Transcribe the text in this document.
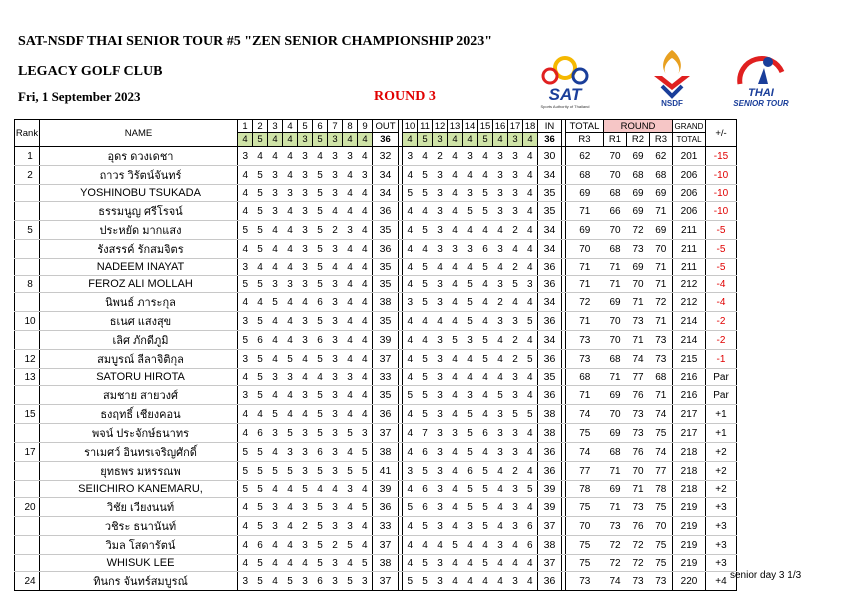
SAT-NSDF THAI SENIOR TOUR #5 "ZEN SENIOR CHAMPIONSHIP 2023"
LEGACY GOLF CLUB
Fri, 1 September 2023	ROUND 3	SAT
Sports Authority of Thailand	NSDF
THAI
SENIOR TOUR
Rank	NAME	1	2	3	4	5	6	7	8	9	OUT		10	11	12	13	14	15	16	17	18	IN		TOTAL	ROUND			GRAND	+/-
		4	5	4	4	3	5	3	4	4	36		4	5	3	4	4	5	4	3	4	36		R3	R1	R2	R3	TOTAL	
1	อุดร ดวงเดชา	3	4	4	4	3	4	3	3	4	32		3	4	2	4	3	4	3	3	4	30		62	70	69	62	201	-15
2	ถาวร วิรัตน์จันทร์	4	5	3	4	3	5	3	4	3	34		4	5	3	4	4	4	3	3	4	34		68	70	68	68	206	-10
	YOSHINOBU TSUKADA	4	5	3	3	3	5	3	4	4	34		5	5	3	4	3	5	3	3	4	35		69	68	69	69	206	-10
	ธรรมนูญ ศรีโรจน์	4	5	3	4	3	5	4	4	4	36		4	4	3	4	5	5	3	3	4	35		71	66	69	71	206	-10
5	ประหยัด มากแสง	5	5	4	4	3	5	2	3	4	35		4	5	3	4	4	4	4	2	4	34		69	70	72	69	211	-5
	รังสรรค์ รักสมจิตร	4	5	4	4	3	5	3	4	4	36		4	4	3	3	3	6	3	4	4	34		70	68	73	70	211	-5
	NADEEM INAYAT	3	4	4	4	3	5	4	4	4	35		4	5	4	4	4	5	4	2	4	36		71	71	69	71	211	-5
8	FEROZ ALI MOLLAH	5	5	3	3	3	5	3	4	4	35		4	5	3	4	5	4	3	5	3	36		71	71	70	71	212	-4
	นิพนธ์ ภาระกุล	4	4	5	4	4	6	3	4	4	38		3	5	3	4	5	4	2	4	4	34		72	69	71	72	212	-4
10	ธเนศ แสงสุข	3	5	4	4	3	5	3	4	4	35		4	4	4	4	5	4	3	3	5	36		71	70	73	71	214	-2
	เลิศ ภักดีภูมิ	5	6	4	4	3	6	3	4	4	39		4	4	3	5	3	5	4	2	4	34		73	70	71	73	214	-2
12	สมบูรณ์ ลีลาจิติกุล	3	5	4	5	4	5	3	4	4	37		4	5	3	4	4	5	4	2	5	36		73	68	74	73	215	-1
13	SATORU HIROTA	4	5	3	3	4	4	3	3	4	33		4	5	3	4	4	4	4	3	4	35		68	71	77	68	216	Par
	สมชาย สายวงศ์	3	5	4	4	3	5	3	4	4	35		5	5	3	4	3	4	5	3	4	36		71	69	76	71	216	Par
15	ธงฤทธิ์ เชียงคอน	4	4	5	4	4	5	3	4	4	36		4	5	3	4	5	4	3	5	5	38		74	70	73	74	217	+1
	พจน์ ประจักษ์ธนาทร	4	6	3	5	3	5	3	5	3	37		4	7	3	3	5	6	3	3	4	38		75	69	73	75	217	+1
17	ราเมศว์ อินทรเจริญศักดิ์	5	5	4	3	3	6	3	4	5	38		4	6	3	4	5	4	3	3	4	36		74	68	76	74	218	+2
	ยุทธพร มหรรณพ	5	5	5	5	3	5	3	5	5	41		3	5	3	4	6	5	4	2	4	36		77	71	70	77	218	+2
	SEIICHIRO KANEMARU,	5	5	4	4	5	4	4	3	4	39		4	6	3	4	5	5	4	3	5	39		78	69	71	78	218	+2
20	วิชัย เวียงนนท์	4	5	3	4	3	5	3	4	5	36		5	6	3	4	5	5	4	3	4	39		75	71	73	75	219	+3
	วชิระ ธนานันท์	4	5	3	4	2	5	3	3	4	33		4	5	3	4	3	5	4	3	6	37		70	73	76	70	219	+3
	วิมล โสดารัตน์	4	6	4	4	3	5	2	5	4	37		4	4	4	5	4	4	3	4	6	38		75	72	72	75	219	+3
	WHISUK LEE	4	5	4	4	4	5	3	4	5	38		4	5	3	4	4	5	4	4	4	37		75	72	72	75	219	+3
24	ทินกร จันทร์สมบูรณ์	3	5	4	5	3	6	3	5	3	37		5	5	3	4	4	4	4	3	4	36		73	74	73	73	220	+4 senior day 3 1/3
